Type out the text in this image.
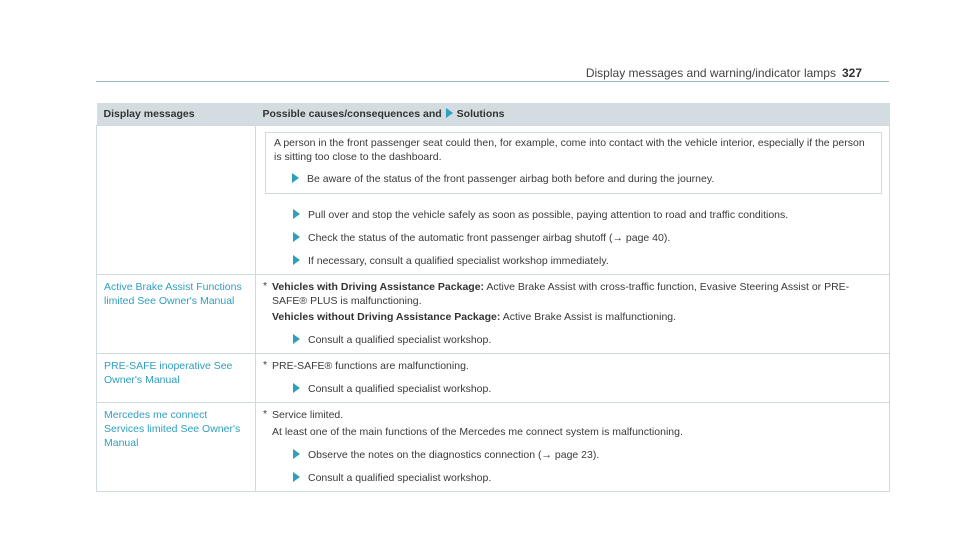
Display messages and warning/indicator lamps 327
Display messages	Possible causes/consequences and Solutions

	A person in the front passenger seat could then, for example, come into contact with the vehicle interior, especially if the person is sitting too close to the dashboard.

Be aware of the status of the front passenger airbag both before and during the journey.
Pull over and stop the vehicle safely as soon as possible, paying attention to road and traffic conditions.
Check the status of the automatic front passenger airbag shutoff (→ page 40).
If necessary, consult a qualified specialist workshop immediately.

Active Brake Assist Functions limited See Owner's Manual	* Vehicles with Driving Assistance Package: Active Brake Assist with cross-traffic function, Evasive Steering Assist or PRE-SAFE® PLUS is malfunctioning.
Vehicles without Driving Assistance Package: Active Brake Assist is malfunctioning.
Consult a qualified specialist workshop.

PRE-SAFE inoperative See Owner's Manual	* PRE-SAFE® functions are malfunctioning.
Consult a qualified specialist workshop.

Mercedes me connect Services limited See Owner's Manual	* Service limited.
At least one of the main functions of the Mercedes me connect system is malfunctioning.
Observe the notes on the diagnostics connection (→ page 23).
Consult a qualified specialist workshop.
